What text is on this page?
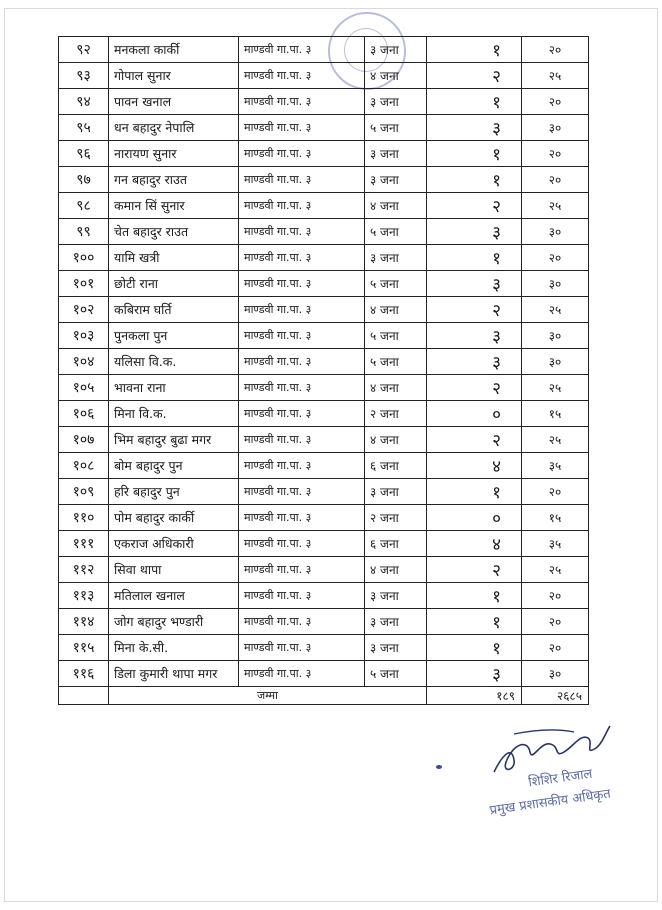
९२	मनकला कार्की	माण्डवी गा.पा. ३	३ जना	१	२०
९३	गोपाल सुनार	माण्डवी गा.पा. ३	४ जना	२	२५
९४	पावन खनाल	माण्डवी गा.पा. ३	३ जना	१	२०
९५	धन बहादुर नेपालि	माण्डवी गा.पा. ३	५ जना	३	३०
९६	नारायण सुनार	माण्डवी गा.पा. ३	३ जना	१	२०
९७	गन बहादुर राउत	माण्डवी गा.पा. ३	३ जना	१	२०
९८	कमान सिं सुनार	माण्डवी गा.पा. ३	४ जना	२	२५
९९	चेत बहादुर राउत	माण्डवी गा.पा. ३	५ जना	३	३०
१००	यामि खत्री	माण्डवी गा.पा. ३	३ जना	१	२०
१०१	छोटी राना	माण्डवी गा.पा. ३	५ जना	३	३०
१०२	कबिराम घर्ति	माण्डवी गा.पा. ३	४ जना	२	२५
१०३	पुनकला पुन	माण्डवी गा.पा. ३	५ जना	३	३०
१०४	यलिसा वि.क.	माण्डवी गा.पा. ३	५ जना	३	३०
१०५	भावना राना	माण्डवी गा.पा. ३	४ जना	२	२५
१०६	मिना वि.क.	माण्डवी गा.पा. ३	२ जना	०	१५
१०७	भिम बहादुर बुढा मगर	माण्डवी गा.पा. ३	४ जना	२	२५
१०८	बोम बहादुर पुन	माण्डवी गा.पा. ३	६ जना	४	३५
१०९	हरि बहादुर पुन	माण्डवी गा.पा. ३	३ जना	१	२०
११०	पोम बहादुर कार्की	माण्डवी गा.पा. ३	२ जना	०	१५
१११	एकराज अधिकारी	माण्डवी गा.पा. ३	६ जना	४	३५
११२	सिवा थापा	माण्डवी गा.पा. ३	४ जना	२	२५
११३	मतिलाल खनाल	माण्डवी गा.पा. ३	३ जना	१	२०
११४	जोग बहादुर भण्डारी	माण्डवी गा.पा. ३	३ जना	१	२०
११५	मिना के.सी.	माण्डवी गा.पा. ३	३ जना	१	२०
११६	डिला कुमारी थापा मगर	माण्डवी गा.पा. ३	५ जना	३	३०
	जम्मा			१८९	२६८५
शिशिर रिजाल
प्रमुख प्रशासकीय अधिकृत
